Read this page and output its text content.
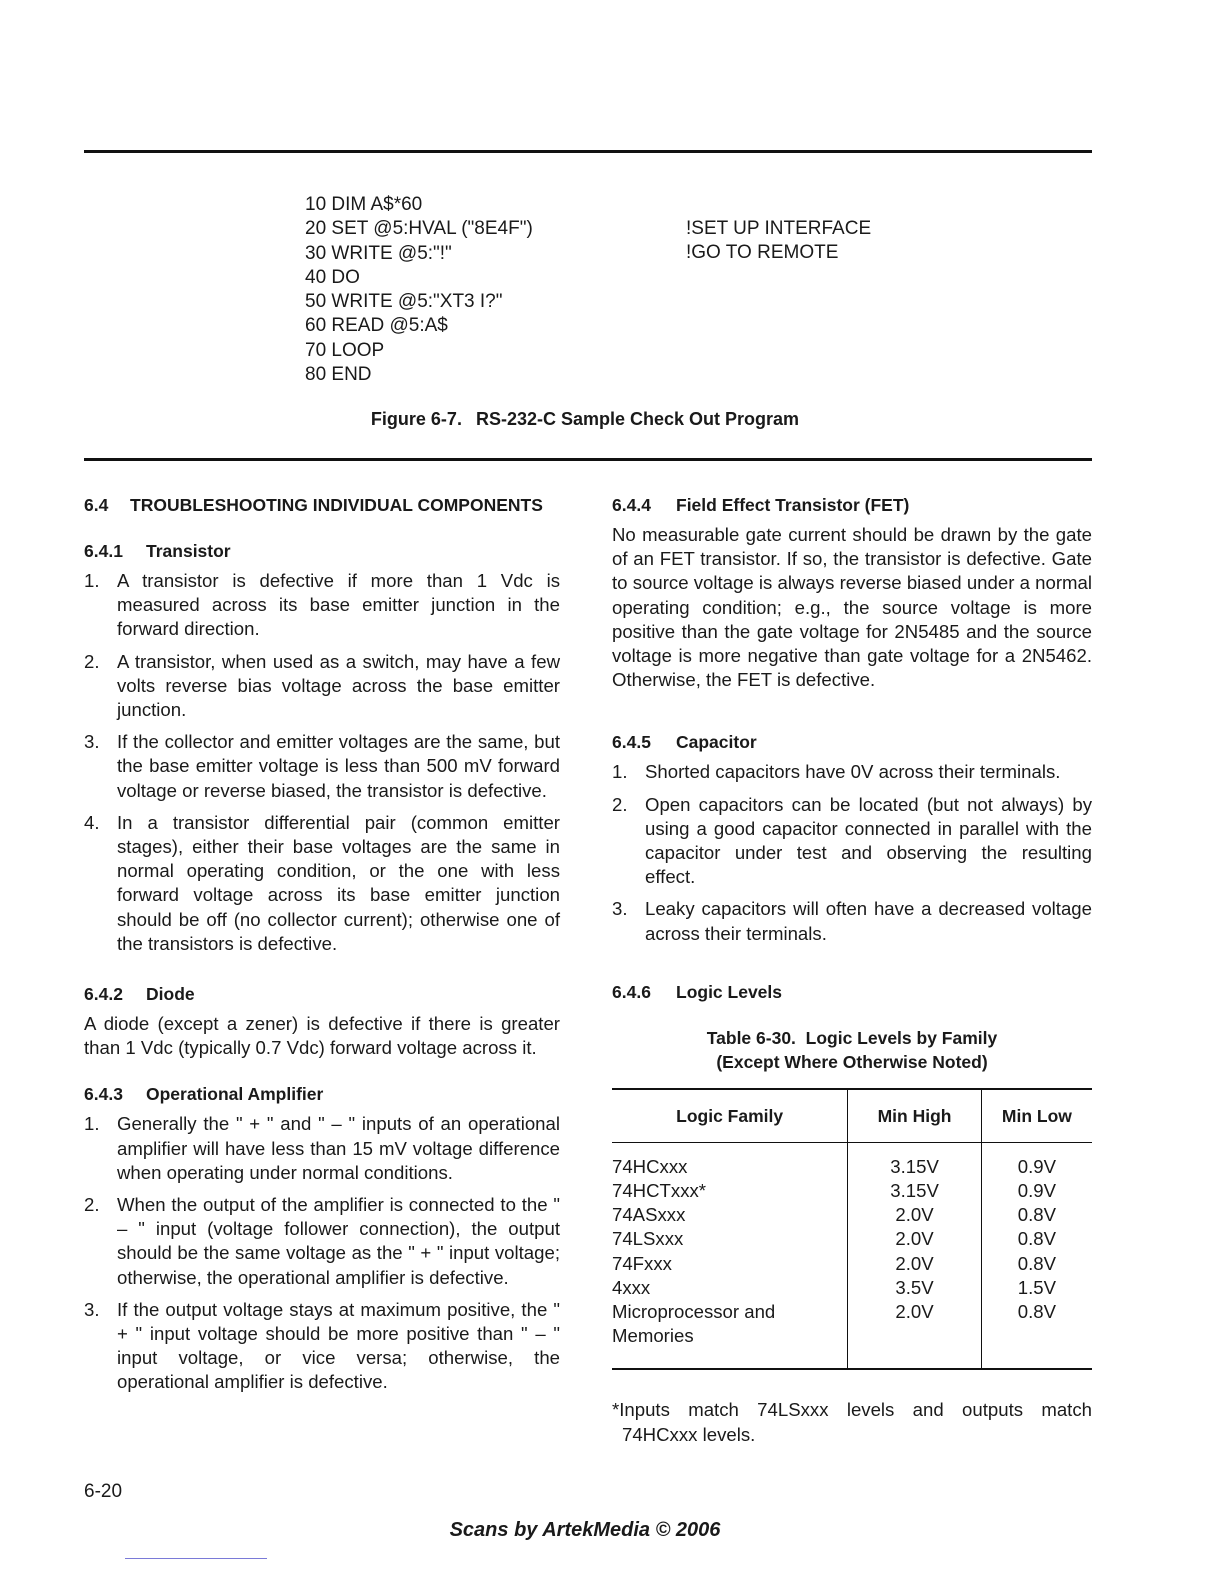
10 DIM A$*60
20 SET @5:HVAL ("8E4F")
30 WRITE @5:"!"
40 DO
50 WRITE @5:"XT3 I?"
60 READ @5:A$
70 LOOP
80 END
!SET UP INTERFACE
!GO TO REMOTE
Figure 6-7. RS-232-C Sample Check Out Program
6.4 TROUBLESHOOTING INDIVIDUAL COMPONENTS
6.4.1 Transistor
1. A transistor is defective if more than 1 Vdc is measured across its base emitter junction in the forward direction.
2. A transistor, when used as a switch, may have a few volts reverse bias voltage across the base emitter junction.
3. If the collector and emitter voltages are the same, but the base emitter voltage is less than 500 mV forward voltage or reverse biased, the transistor is defective.
4. In a transistor differential pair (common emitter stages), either their base voltages are the same in normal operating condition, or the one with less forward voltage across its base emitter junction should be off (no collector current); otherwise one of the transistors is defective.
6.4.2 Diode

A diode (except a zener) is defective if there is greater than 1 Vdc (typically 0.7 Vdc) forward voltage across it.

6.4.3 Operational Amplifier
1. Generally the " + " and " – " inputs of an operational amplifier will have less than 15 mV voltage difference when operating under normal conditions.
2. When the output of the amplifier is connected to the " – " input (voltage follower connection), the output should be the same voltage as the " + " input voltage; otherwise, the operational amplifier is defective.
3. If the output voltage stays at maximum positive, the " + " input voltage should be more positive than " – " input voltage, or vice versa; otherwise, the operational amplifier is defective.
6.4.4 Field Effect Transistor (FET)

No measurable gate current should be drawn by the gate of an FET transistor. If so, the transistor is defective. Gate to source voltage is always reverse biased under a normal operating condition; e.g., the source voltage is more positive than the gate voltage for 2N5485 and the source voltage is more negative than gate voltage for a 2N5462. Otherwise, the FET is defective.

6.4.5 Capacitor
1. Shorted capacitors have 0V across their terminals.
2. Open capacitors can be located (but not always) by using a good capacitor connected in parallel with the capacitor under test and observing the resulting effect.
3. Leaky capacitors will often have a decreased voltage across their terminals.
6.4.6 Logic Levels
Table 6-30.  Logic Levels by Family
(Except Where Otherwise Noted)
Logic Family	Min High	Min Low
74HCxxx	3.15V	0.9V
74HCTxxx*	3.15V	0.9V
74ASxxx	2.0V	0.8V
74LSxxx	2.0V	0.8V
74Fxxx	2.0V	0.8V
4xxx	3.5V	1.5V
Microprocessor and Memories	2.0V	0.8V

*Inputs match 74LSxxx levels and outputs match 74HCxxx levels.

6-20
Scans by ArtekMedia © 2006
